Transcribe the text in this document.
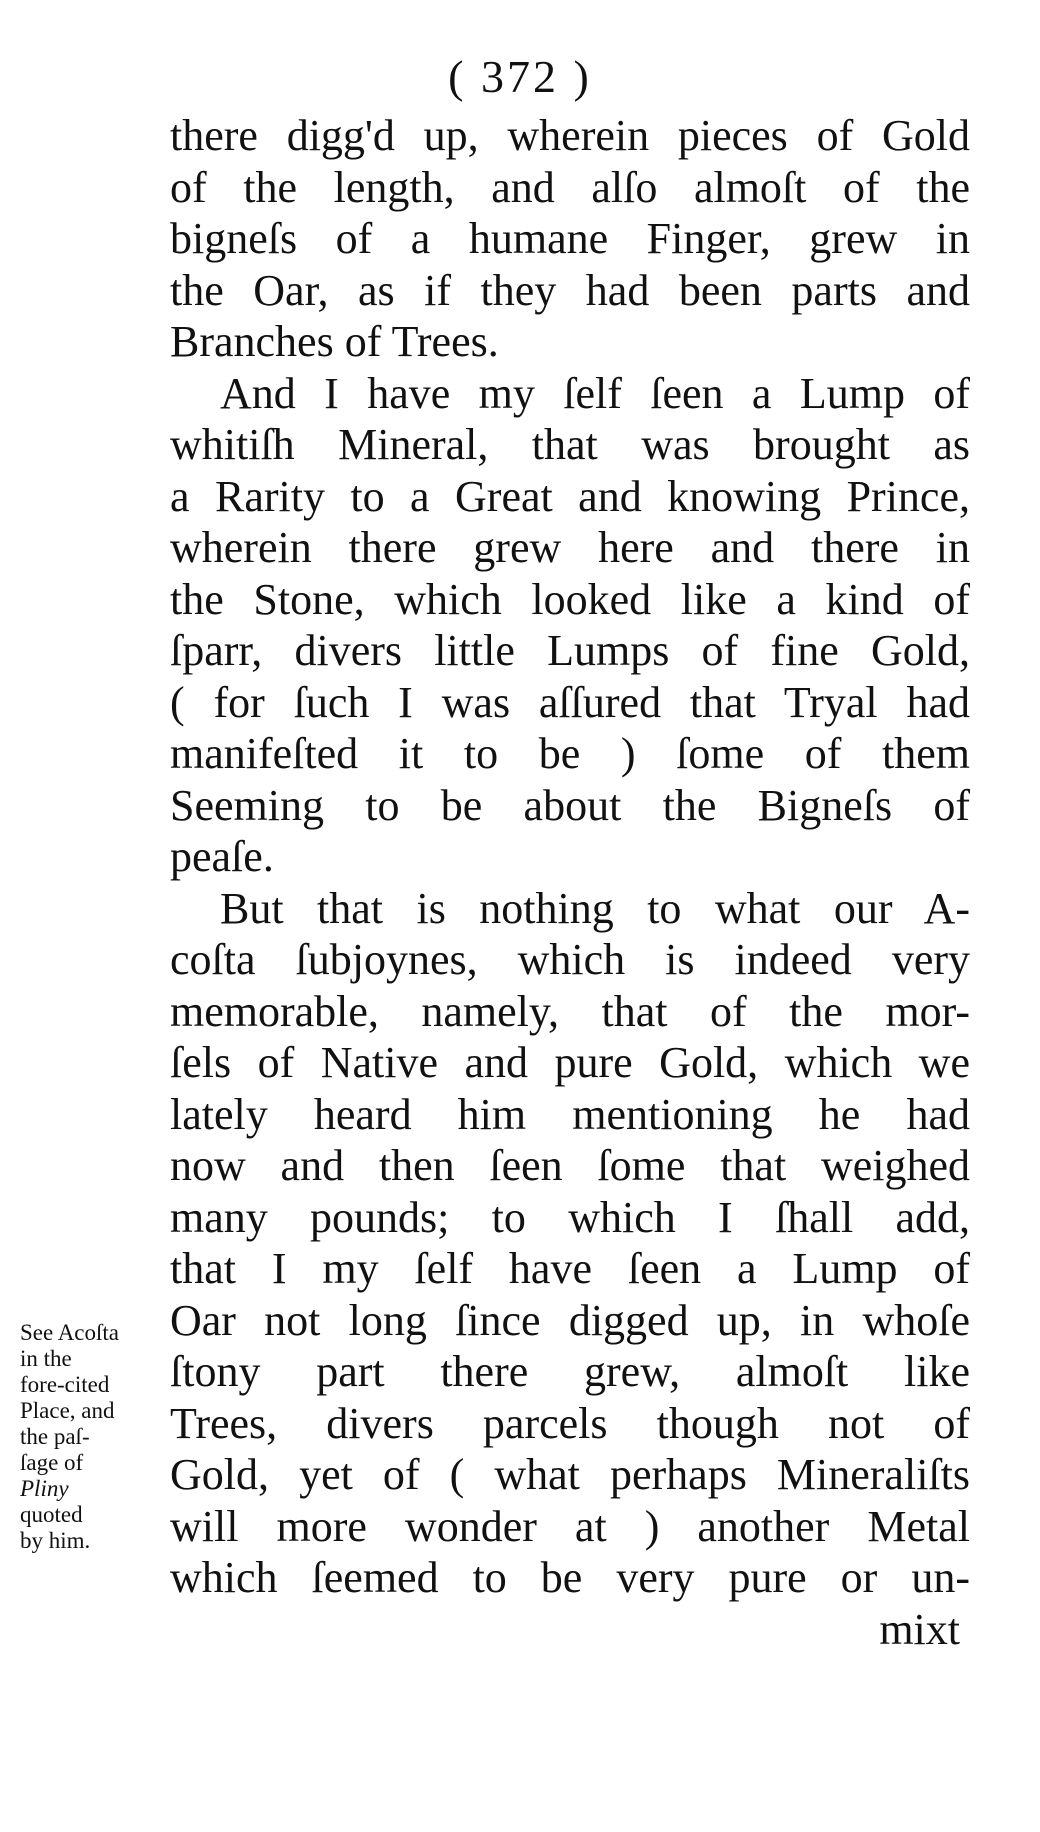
( 372 )
there digg'd up, wherein pieces of Gold
of the length, and alſo almoſt of the
bigneſs of a humane Finger, grew in
the Oar, as if they had been parts and
Branches of Trees.
And I have my ſelf ſeen a Lump of
whitiſh Mineral, that was brought as
a Rarity to a Great and knowing Prince,
wherein there grew here and there in
the Stone, which looked like a kind of
ſparr, divers little Lumps of fine Gold,
( for ſuch I was aſſured that Tryal had
manifeſted it to be ) ſome of them
Seeming to be about the Bigneſs of
peaſe.
But that is nothing to what our A-
coſta ſubjoynes, which is indeed very
memorable, namely, that of the mor-
ſels of Native and pure Gold, which we
lately heard him mentioning he had
now and then ſeen ſome that weighed
many pounds; to which I ſhall add,
that I my ſelf have ſeen a Lump of
Oar not long ſince digged up, in whoſe
ſtony part there grew, almoſt like
Trees, divers parcels though not of
Gold, yet of ( what perhaps Mineraliſts
will more wonder at ) another Metal
which ſeemed to be very pure or un-
mixt
See Acoſta
in the
fore-cited
Place, and
the paſ-
ſage of
Pliny
quoted
by him.
